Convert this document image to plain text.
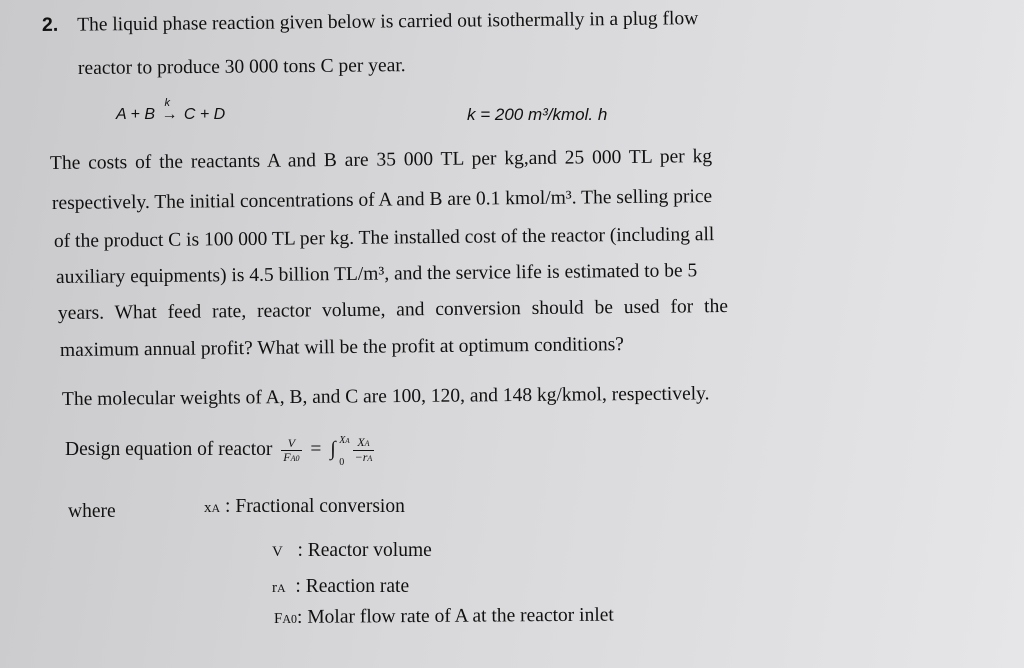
2. The liquid phase reaction given below is carried out isothermally in a plug flow
reactor to produce 30 000 tons C per year.
A + B
k
→ C + D	k = 200 m³/kmol. h
The costs of the reactants A and B are 35 000 TL per kg,and 25 000 TL per kg
respectively. The initial concentrations of A and B are 0.1 kmol/m³. The selling price
of the product C is 100 000 TL per kg. The installed cost of the reactor (including all
auxiliary equipments) is 4.5 billion TL/m³, and the service life is estimated to be 5
years. What feed rate, reactor volume, and conversion should be used for the
maximum annual profit? What will be the profit at optimum conditions?
The molecular weights of A, B, and C are 100, 120, and 148 kg/kmol, respectively.
Design equation of reactor $\frac{V}{FA0}$ = ∫ XA
0
$\frac{XA}{-rA}$
where	xA : Fractional conversion
V   : Reactor volume
rA  : Reaction rate
FA0: Molar flow rate of A at the reactor inlet
